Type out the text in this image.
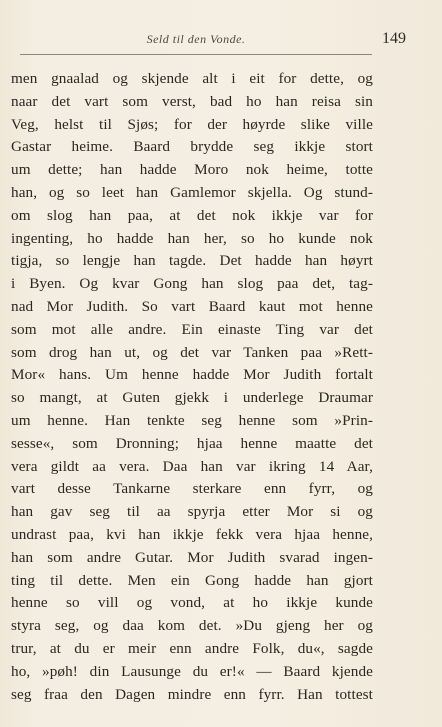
Seld til den Vonde.	149
men gnaalad og skjende alt i eit for dette, og
naar det vart som verst, bad ho han reisa sin
Veg, helst til Sjøs; for der høyrde slike ville
Gastar heime. Baard brydde seg ikkje stort
um dette; han hadde Moro nok heime, totte
han, og so leet han Gamlemor skjella. Og stund-
om slog han paa, at det nok ikkje var for
ingenting, ho hadde han her, so ho kunde nok
tigja, so lengje han tagde. Det hadde han høyrt
i Byen. Og kvar Gong han slog paa det, tag-
nad Mor Judith. So vart Baard kaut mot henne
som mot alle andre. Ein einaste Ting var det
som drog han ut, og det var Tanken paa »Rett-
Mor« hans. Um henne hadde Mor Judith fortalt
so mangt, at Guten gjekk i underlege Draumar
um henne. Han tenkte seg henne som »Prin-
sesse«, som Dronning; hjaa henne maatte det
vera gildt aa vera. Daa han var ikring 14 Aar,
vart desse Tankarne sterkare enn fyrr, og
han gav seg til aa spyrja etter Mor si og
undrast paa, kvi han ikkje fekk vera hjaa henne,
han som andre Gutar. Mor Judith svarad ingen-
ting til dette. Men ein Gong hadde han gjort
henne so vill og vond, at ho ikkje kunde
styra seg, og daa kom det. »Du gjeng her og
trur, at du er meir enn andre Folk, du«, sagde
ho, »pøh! din Lausunge du er!« — Baard kjende
seg fraa den Dagen mindre enn fyrr. Han tottest
